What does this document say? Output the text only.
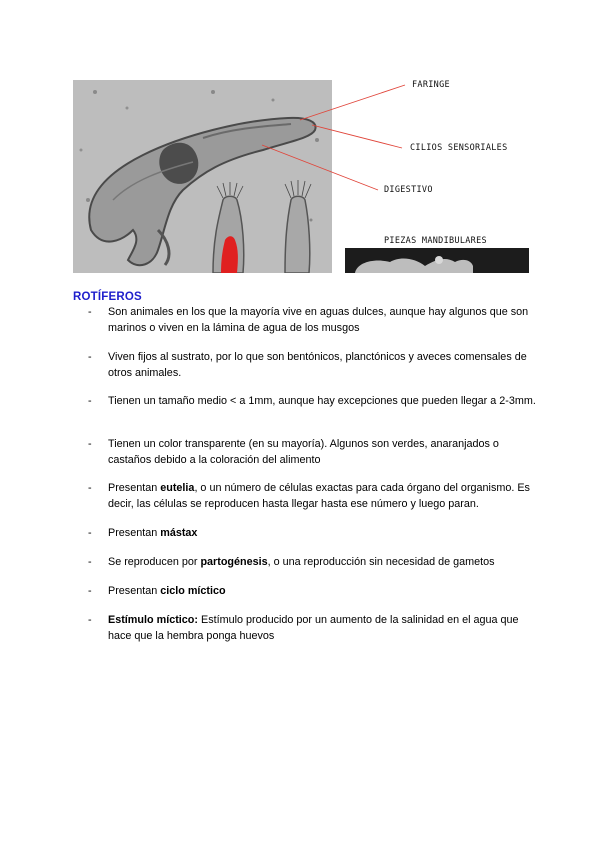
FARINGE
CILIOS SENSORIALES
DIGESTIVO
PIEZAS MANDIBULARES
ROTÍFEROS
- Son animales en los que la mayoría vive en aguas dulces, aunque hay algunos que son marinos o viven en la lámina de agua de los musgos
- Viven fijos al sustrato, por lo que son bentónicos, planctónicos y aveces comensales de otros animales.
- Tienen un tamaño medio < a 1mm, aunque hay excepciones que pueden llegar a 2-3mm.
- Tienen un color transparente (en su mayoría). Algunos son verdes, anaranjados o castaños debido a la coloración del alimento
- Presentan eutelia, o un número de células exactas para cada órgano del organismo. Es decir, las células se reproducen hasta llegar hasta ese número y luego paran.
- Presentan mástax
- Se reproducen por partogénesis, o una reproducción sin necesidad de gametos
- Presentan ciclo míctico
- Estímulo míctico: Estímulo producido por un aumento de la salinidad en el agua que hace que la hembra ponga huevos
